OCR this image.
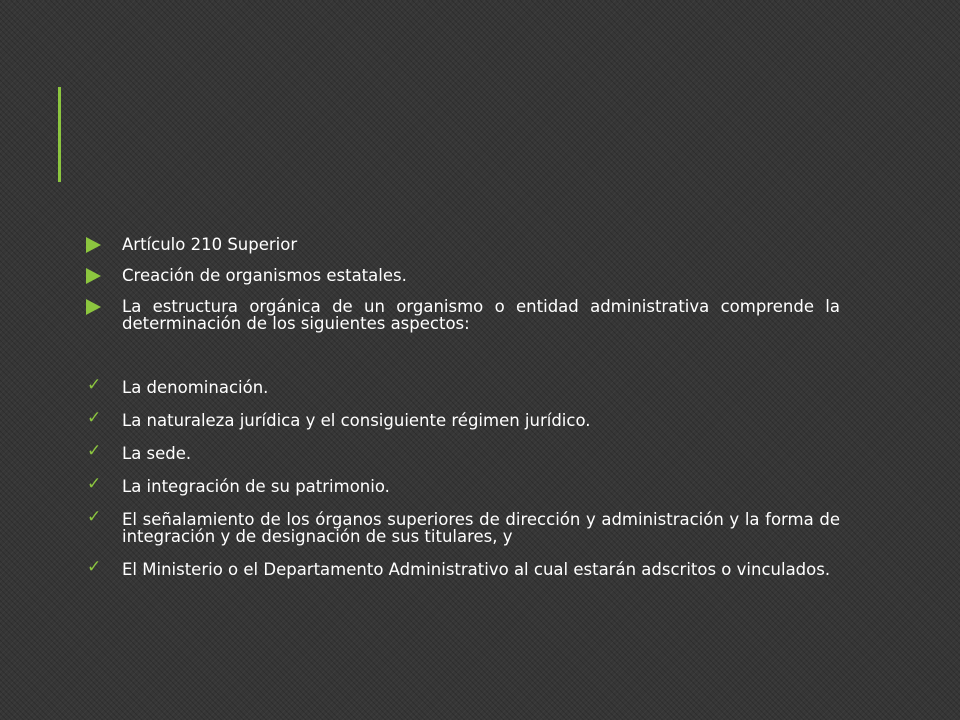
Artículo 210 Superior
Creación de organismos estatales.
La estructura orgánica de un organismo o entidad administrativa comprende la determinación de los siguientes aspectos:
✓ La denominación.
✓ La naturaleza jurídica y el consiguiente régimen jurídico.
✓ La sede.
✓ La integración de su patrimonio.
✓ El señalamiento de los órganos superiores de dirección y administración y la forma de integración y de designación de sus titulares, y
✓ El Ministerio o el Departamento Administrativo al cual estarán adscritos o vinculados.
